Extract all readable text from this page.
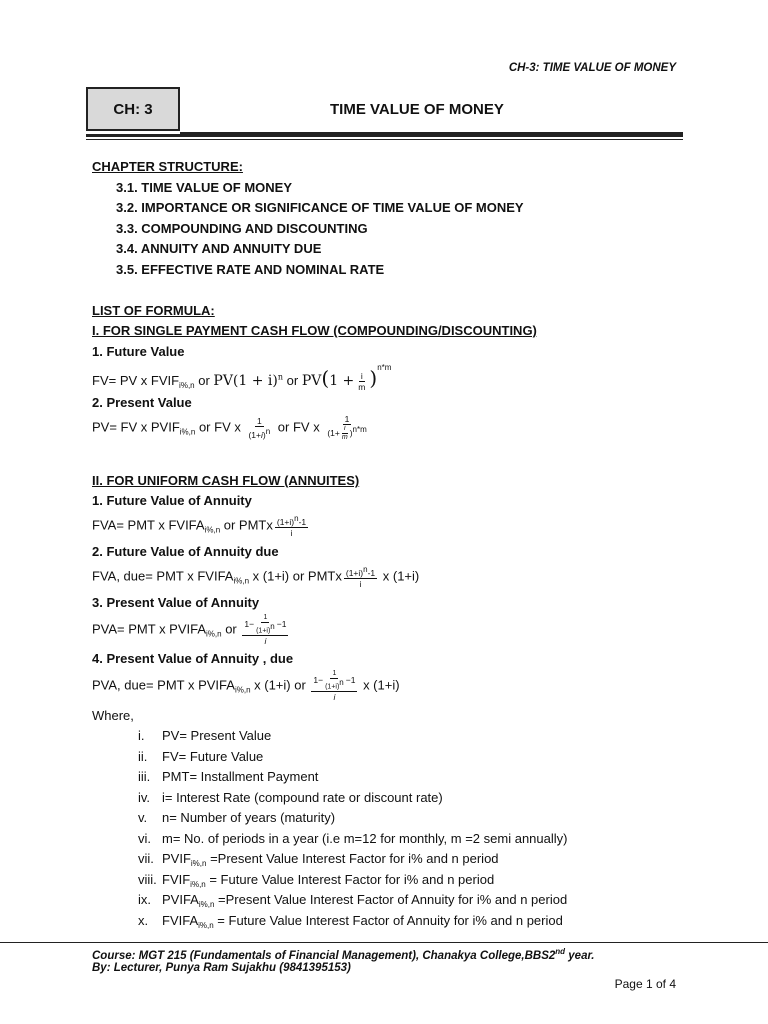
CH-3: TIME VALUE OF MONEY
CH: 3	TIME VALUE OF MONEY
CHAPTER STRUCTURE:
3.1. TIME VALUE OF MONEY
3.2. IMPORTANCE OR SIGNIFICANCE OF TIME VALUE OF MONEY
3.3. COMPOUNDING AND DISCOUNTING
3.4. ANNUITY AND ANNUITY DUE
3.5. EFFECTIVE RATE AND NOMINAL RATE
LIST OF FORMULA:
I. FOR SINGLE PAYMENT CASH FLOW (COMPOUNDING/DISCOUNTING)
1. Future Value
FV= PV x $FVIF_{i\%,n}$ or $PV(1 + i)^n$ or $PV(1 + \frac{i}{m} )^{n*m}$
2. Present Value
PV= FV x $PVIF_{i\%,n}$ or FV x $\frac{1}{(1+i)^n}$ or FV x $\frac{1}{(1+ \frac{i}{m} )^{n*m}}$
II. FOR UNIFORM CASH FLOW (ANNUITES)
1. Future Value of Annuity
FVA= PMT x $FVIFA_{i\%,n}$ or PMTx $\frac{(1+i)^n-1}{i}$
2. Future Value of Annuity due
FVA, due= PMT x $FVIFA_{i\%,n}$ x (1+i) or PMTx $\frac{(1+i)^n-1}{i}$ x (1+i)
3. Present Value of Annuity
PVA= PMT x $PVIFA_{i\%,n}$ or $\frac{1- \frac{1}{(1+i)^n} -1}{i}$
4. Present Value of Annuity , due
PVA, due= PMT x $PVIFA_{i\%,n}$ x (1+i) or $\frac{1- \frac{1}{(1+i)^n} -1}{i}$ x (1+i)
Where,
i.	PV= Present Value
ii.	FV= Future Value
iii. PMT= Installment Payment
iv. i= Interest Rate (compound rate or discount rate)
v.	n= Number of years (maturity)
vi. m= No. of periods in a year (i.e m=12 for monthly, m =2 semi annually)
vii. $PVIF_{i\%,n}$ =Present Value Interest Factor for i% and n period
viii. $FVIF_{i\%,n}$ = Future Value Interest Factor for i% and n period
ix. $PVIFA_{i\%,n}$ =Present Value Interest Factor of Annuity for i% and n period
x.	$FVIFA_{i\%,n}$ = Future Value Interest Factor of Annuity for i% and n period
Course: MGT 215 (Fundamentals of Financial Management), Chanakya College,BBS2nd year.
By: Lecturer, Punya Ram Sujakhu (9841395153)
Page 1 of 4
